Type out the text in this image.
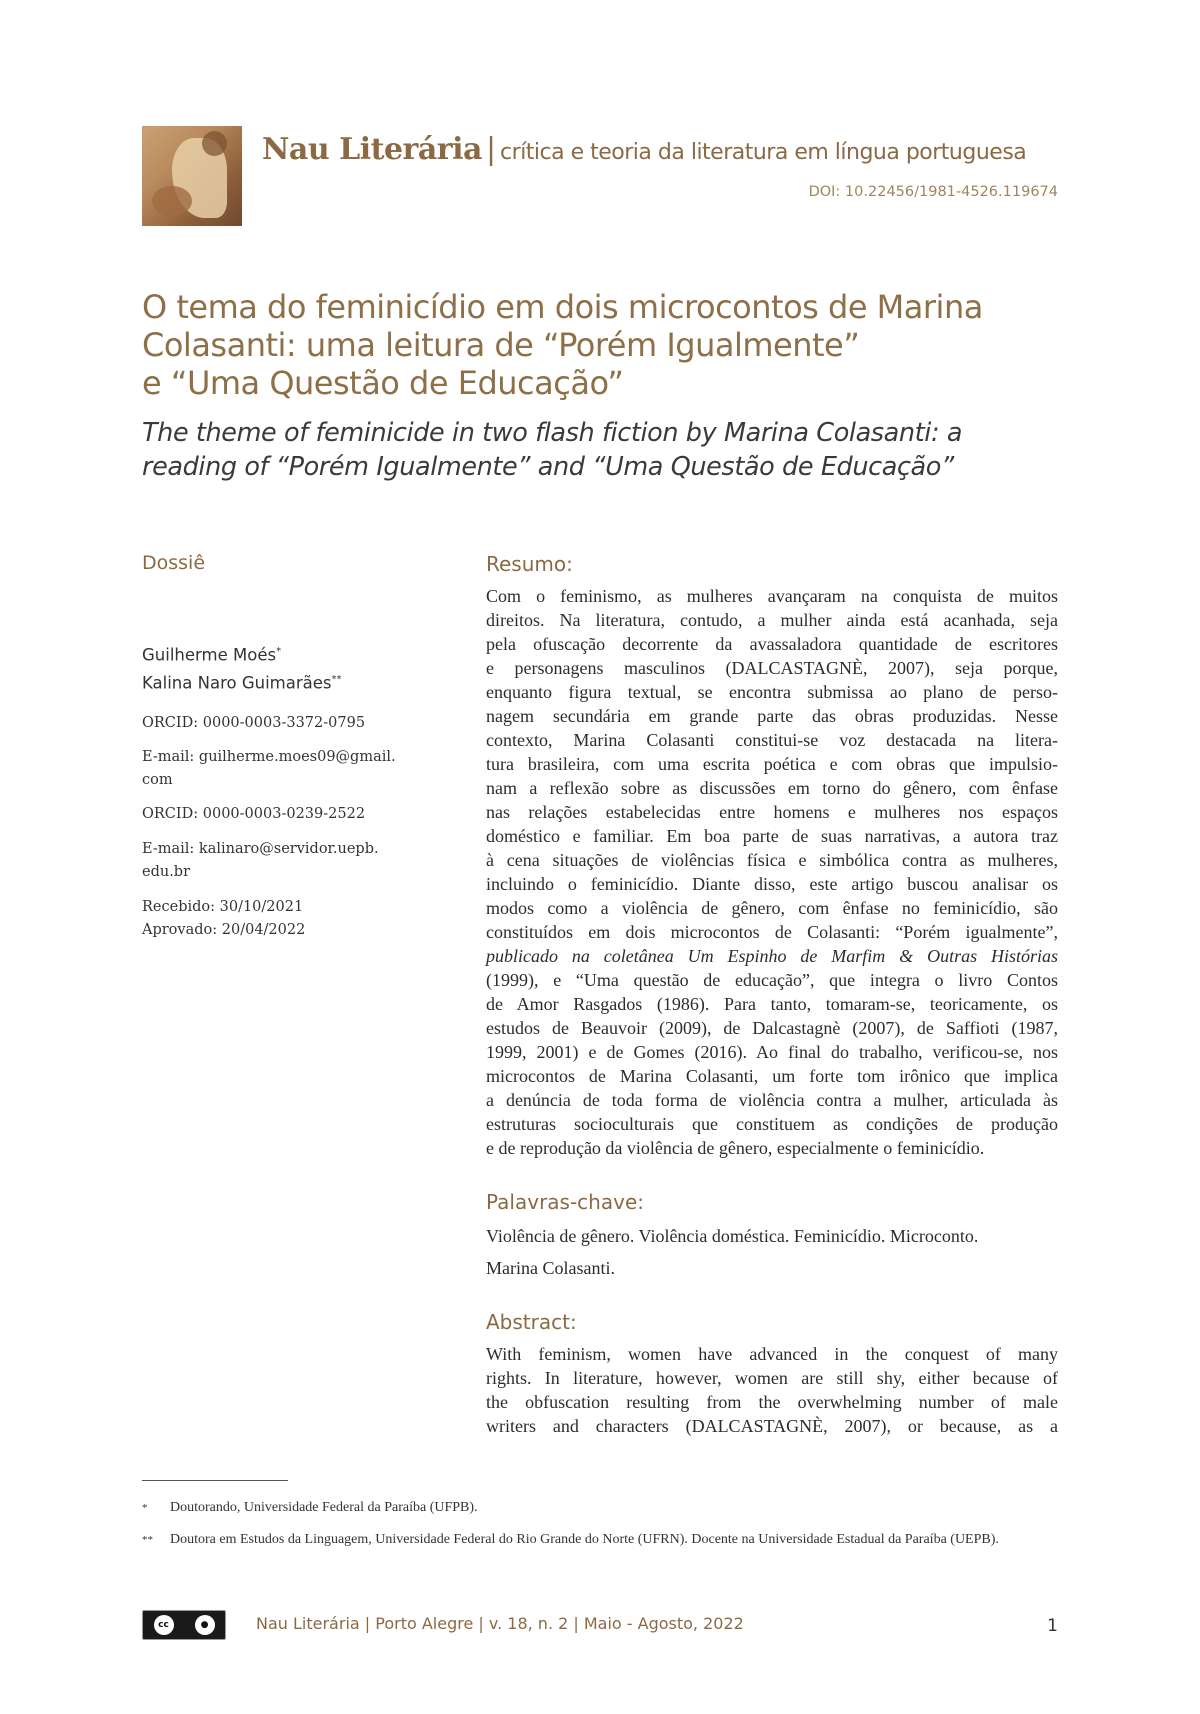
Nau Literária | crítica e teoria da literatura em língua portuguesa
DOI: 10.22456/1981-4526.119674
O tema do feminicídio em dois microcontos de Marina
Colasanti: uma leitura de “Porém Igualmente”
e “Uma Questão de Educação”
The theme of feminicide in two flash fiction by Marina Colasanti: a
reading of “Porém Igualmente” and “Uma Questão de Educação”
Dossiê
Guilherme Moés*
Kalina Naro Guimarães**
ORCID: 0000-0003-3372-0795
E-mail: guilherme.moes09@gmail.
com
ORCID: 0000-0003-0239-2522
E-mail: kalinaro@servidor.uepb.
edu.br
Recebido: 30/10/2021
Aprovado: 20/04/2022
Resumo:
Com o feminismo, as mulheres avançaram na conquista de muitos
direitos. Na literatura, contudo, a mulher ainda está acanhada, seja
pela ofuscação decorrente da avassaladora quantidade de escritores
e personagens masculinos (DALCASTAGNÈ, 2007), seja porque,
enquanto figura textual, se encontra submissa ao plano de perso-
nagem secundária em grande parte das obras produzidas. Nesse
contexto, Marina Colasanti constitui-se voz destacada na litera-
tura brasileira, com uma escrita poética e com obras que impulsio-
nam a reflexão sobre as discussões em torno do gênero, com ênfase
nas relações estabelecidas entre homens e mulheres nos espaços
doméstico e familiar. Em boa parte de suas narrativas, a autora traz
à cena situações de violências física e simbólica contra as mulheres,
incluindo o feminicídio. Diante disso, este artigo buscou analisar os
modos como a violência de gênero, com ênfase no feminicídio, são
constituídos em dois microcontos de Colasanti: “Porém igualmente”,
publicado na coletânea Um Espinho de Marfim & Outras Histórias
(1999), e “Uma questão de educação”, que integra o livro Contos
de Amor Rasgados (1986). Para tanto, tomaram-se, teoricamente, os
estudos de Beauvoir (2009), de Dalcastagnè (2007), de Saffioti (1987,
1999, 2001) e de Gomes (2016). Ao final do trabalho, verificou-se, nos
microcontos de Marina Colasanti, um forte tom irônico que implica
a denúncia de toda forma de violência contra a mulher, articulada às
estruturas socioculturais que constituem as condições de produção
e de reprodução da violência de gênero, especialmente o feminicídio.
Palavras-chave:
Violência de gênero. Violência doméstica. Feminicídio. Microconto.
Marina Colasanti.
Abstract:
With feminism, women have advanced in the conquest of many
rights. In literature, however, women are still shy, either because of
the obfuscation resulting from the overwhelming number of male
writers and characters (DALCASTAGNÈ, 2007), or because, as a
* Doutorando, Universidade Federal da Paraíba (UFPB).
** Doutora em Estudos da Linguagem, Universidade Federal do Rio Grande do Norte (UFRN). Docente na Universidade Estadual da Paraíba (UEPB).
cc	●	Nau Literária | Porto Alegre | v. 18, n. 2 | Maio - Agosto, 2022	1
